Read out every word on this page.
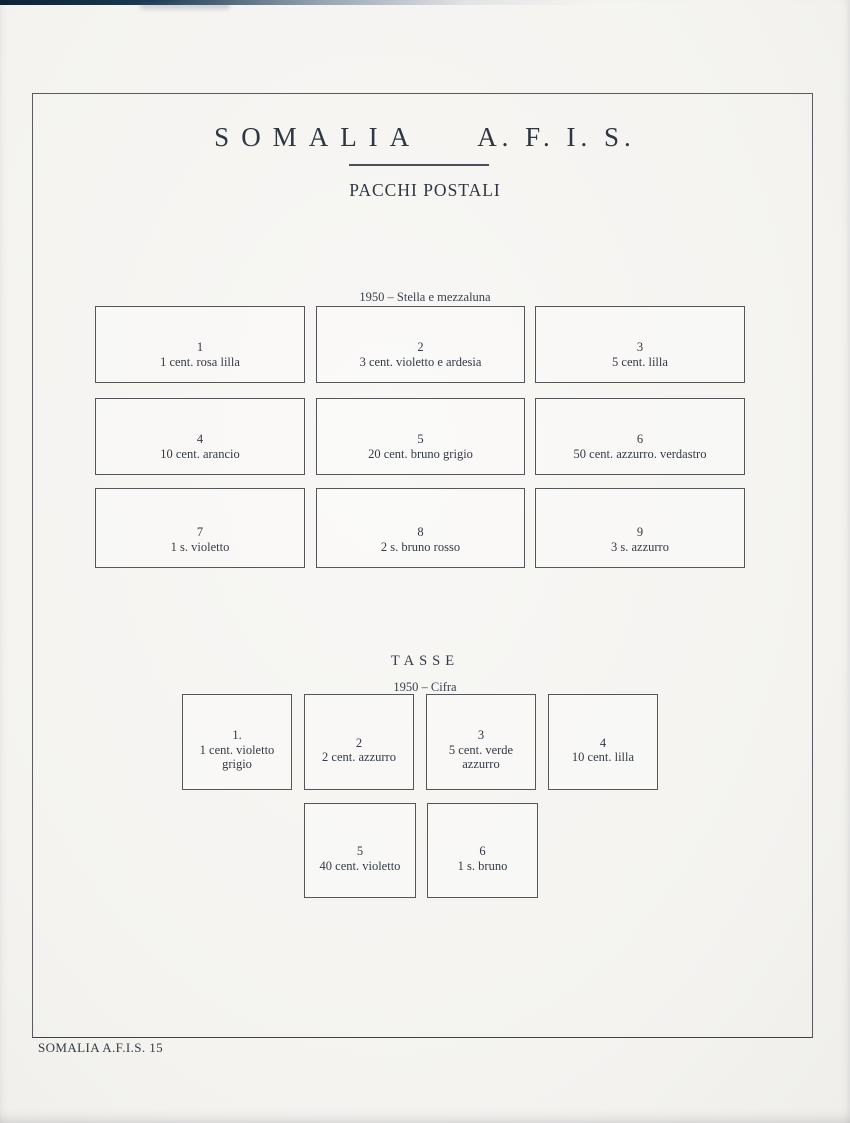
SOMALIA A. F. I. S.
PACCHI POSTALI
1950 – Stella e mezzaluna
1
1 cent. rosa lilla
2
3 cent. violetto e ardesia
3
5 cent. lilla
4
10 cent. arancio
5
20 cent. bruno grigio
6
50 cent. azzurro. verdastro
7
1 s. violetto
8
2 s. bruno rosso
9
3 s. azzurro
TASSE
1950 – Cifra
1.
1 cent. violetto grigio
2
2 cent. azzurro
3
5 cent. verde azzurro
4
10 cent. lilla
5
40 cent. violetto
6
1 s. bruno
SOMALIA A.F.I.S. 15
